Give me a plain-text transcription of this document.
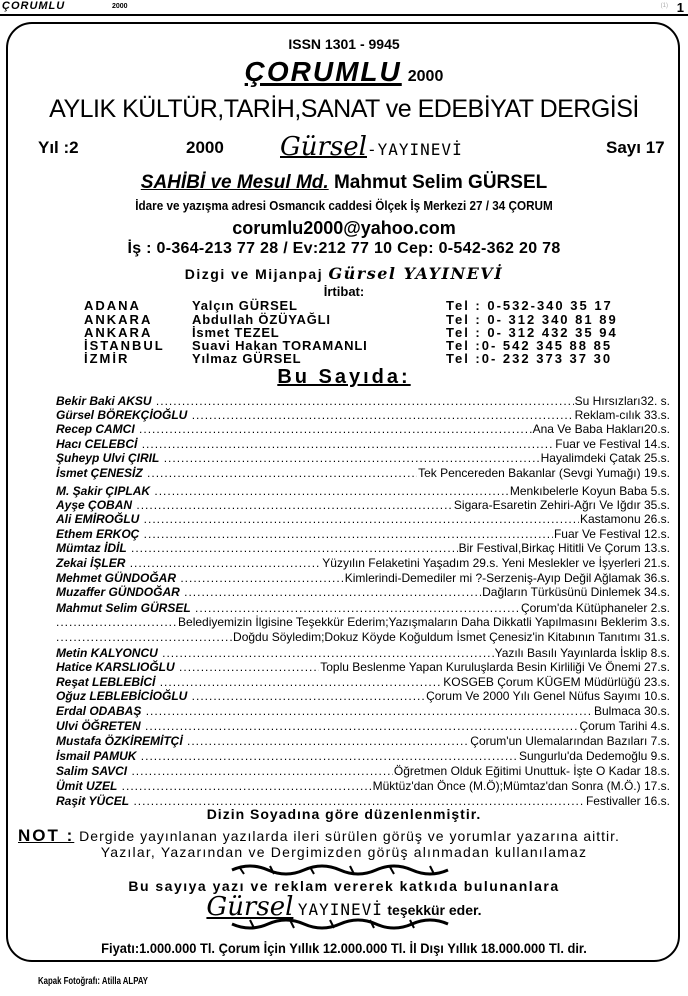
ÇORUMLU	2000	(1) 1
ISSN 1301 - 9945
ÇORUMLU 2000
AYLIK KÜLTÜR,TARİH,SANAT ve EDEBİYAT DERGİSİ
Yıl :2	2000 Gürsel-YAYINEVİ	Sayı 17
SAHİBİ ve Mesul Md. Mahmut Selim GÜRSEL
İdare ve yazışma adresi Osmancık caddesi Ölçek İş Merkezi 27 / 34 ÇORUM
corumlu2000@yahoo.com
İş : 0-364-213 77 28 / Ev:212 77 10 Cep: 0-542-362 20 78
Dizgi ve Mijanpaj Gürsel YAYINEVİ
İrtibat:
ADANA	Yalçın GÜRSEL	Tel : 0-532-340 35 17
ANKARA	Abdullah ÖZÜYAĞLI	Tel : 0- 312 340 81 89
ANKARA	İsmet TEZEL	Tel : 0- 312 432 35 94
İSTANBUL Suavi Hakan TORAMANLI	Tel :0- 542 345 88 85
İZMİR	Yılmaz GÜRSEL	Tel :0- 232 373 37 30
Bu Sayıda:
Bekir Baki AKSU .....	Su Hırsızları32. s.
Gürsel BÖREKÇİOĞLU .....	Reklam-cılık 33.s.
Recep CAMCI .....	Ana Ve Baba Hakları20.s.
Hacı CELEBCİ .....	Fuar ve Festival 14.s.
Şuheyp Ulvi ÇIRIL .....	Hayalimdeki Çatak 25.s.
İsmet ÇENESİZ .....	Tek Pencereden Bakanlar (Sevgi Yumağı) 19.s.
M. Şakir ÇIPLAK .....	Menkıbelerle Koyun Baba 5.s.
Ayşe ÇOBAN .....	Sigara-Esaretin Zehiri-Ağrı Ve Iğdır 35.s.
Ali EMİROĞLU .....	Kastamonu 26.s.
Ethem ERKOÇ .....	Fuar Ve Festival 12.s.
Mümtaz İDİL .....	Bir Festival,Birkaç Hititli Ve Çorum 13.s.
Zekai İŞLER .....	Yüzyılın Felaketini Yaşadım 29.s. Yeni Meslekler ve İşyerleri 21.s.
Mehmet GÜNDOĞAR .....	Kimlerindi-Demediler mi ?-Serzeniş-Ayıp Değil Ağlamak 36.s.
Muzaffer GÜNDOĞAR .....	Dağların Türküsünü Dinlemek 34.s.
Mahmut Selim GÜRSEL .....	Çorum'da Kütüphaneler 2.s.
.....
Belediyemizin İlgisine Teşekkür Ederim;Yazışmaların Daha Dikkatli Yapılmasını Beklerim 3.s.
.....
Doğdu Söyledim;Dokuz Köyde Koğuldum İsmet Çenesiz'in Kitabının Tanıtımı 31.s.
Metin KALYONCU .....	Yazılı Basılı Yayınlarda İsklip 8.s.
Hatice KARSLIOĞLU .....	Toplu Beslenme Yapan Kuruluşlarda Besin Kirliliği Ve Önemi 27.s.
Reşat LEBLEBİCİ .....	KOSGEB Çorum KÜGEM Müdürlüğü 23.s.
Oğuz LEBLEBİCİOĞLU .....	Çorum Ve 2000 Yılı Genel Nüfus Sayımı 10.s.
Erdal ODABAŞ .....	Bulmaca 30.s.
Ulvi ÖĞRETEN .....	Çorum Tarihi 4.s.
Mustafa ÖZKİREMİTÇİ .....	Çorum'un Ulemalarından Bazıları 7.s.
İsmail PAMUK .....	Sungurlu'da Dedemoğlu 9.s.
Salim SAVCI .....	Öğretmen Olduk Eğitimi Unuttuk- İşte O Kadar 18.s.
Ümit UZEL .....	Müktüz'dan Önce (M.Ö);Mümtaz'dan Sonra (M.Ö.) 17.s.
Raşit YÜCEL .....	Festivaller 16.s.
Dizin Soyadına göre düzenlenmiştir.
NOT : Dergide yayınlanan yazılarda ileri sürülen görüş ve yorumlar yazarına aittir.
Yazılar, Yazarından ve Dergimizden görüş alınmadan kullanılamaz
Bu sayıya yazı ve reklam vererek katkıda bulunanlara
Gürsel YAYINEVİ teşekkür eder.
Fiyatı:1.000.000 Tl. Çorum İçin Yıllık 12.000.000 Tl. İl Dışı Yıllık 18.000.000 Tl. dir.
Kapak Fotoğrafı: Atilla ALPAY
